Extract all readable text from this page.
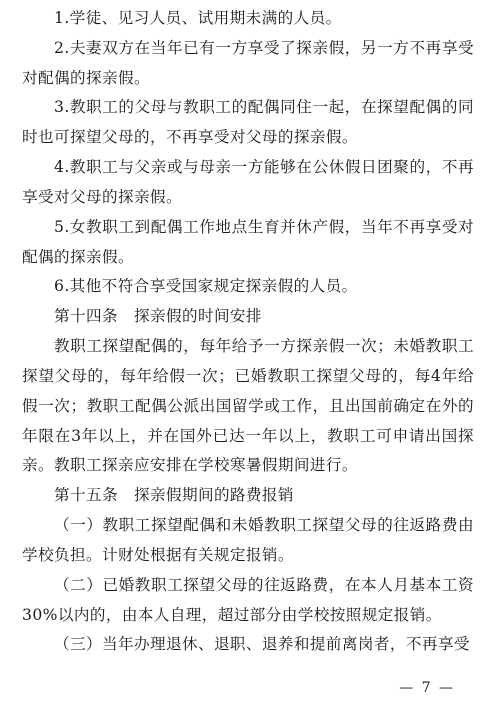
1.学徒、见习人员、试用期未满的人员。

2.夫妻双方在当年已有一方享受了探亲假，另一方不再享受对配偶的探亲假。

3.教职工的父母与教职工的配偶同住一起，在探望配偶的同时也可探望父母的，不再享受对父母的探亲假。

4.教职工与父亲或与母亲一方能够在公休假日团聚的，不再享受对父母的探亲假。

5.女教职工到配偶工作地点生育并休产假，当年不再享受对配偶的探亲假。

6.其他不符合享受国家规定探亲假的人员。

第十四条　探亲假的时间安排

教职工探望配偶的，每年给予一方探亲假一次；未婚教职工探望父母的，每年给假一次；已婚教职工探望父母的，每4年给假一次；教职工配偶公派出国留学或工作，且出国前确定在外的年限在3年以上，并在国外已达一年以上，教职工可申请出国探亲。教职工探亲应安排在学校寒暑假期间进行。

第十五条　探亲假期间的路费报销

（一）教职工探望配偶和未婚教职工探望父母的往返路费由学校负担。计财处根据有关规定报销。

（二）已婚教职工探望父母的往返路费，在本人月基本工资30%以内的，由本人自理，超过部分由学校按照规定报销。

（三）当年办理退休、退职、退养和提前离岗者，不再享受

— 7 —
